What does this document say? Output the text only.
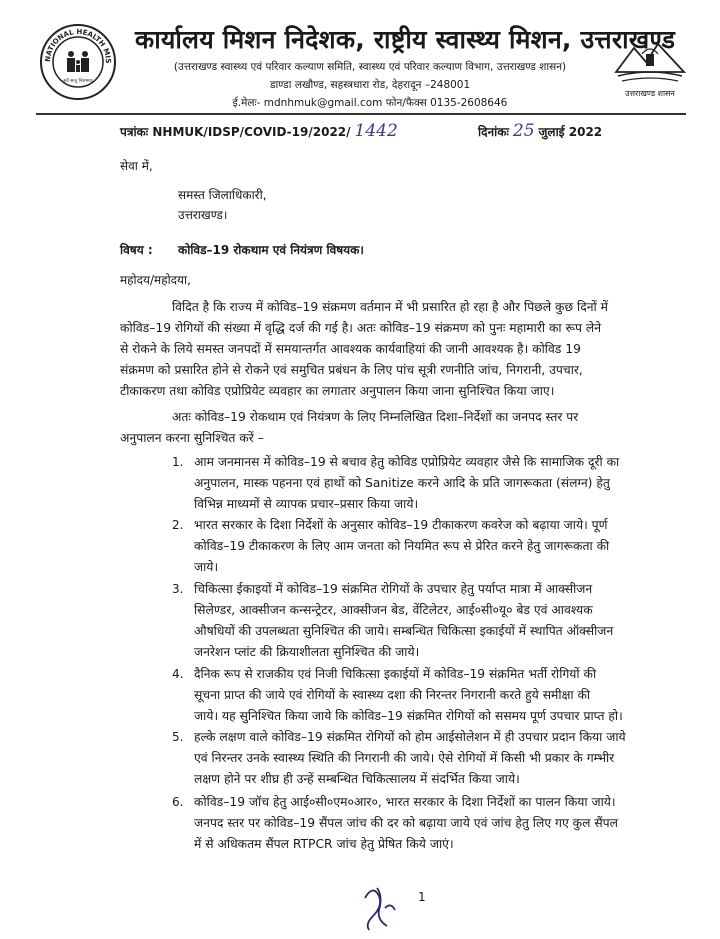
NATIONAL HEALTH MIS
सर्वे सन्तु निरामयाः
उत्तराखण्ड शासन
कार्यालय मिशन निदेशक, राष्ट्रीय स्वास्थ्य मिशन, उत्तराखण्ड
(उत्तराखण्ड स्वास्थ्य एवं परिवार कल्याण समिति, स्वास्थ्य एवं परिवार कल्याण विभाग, उत्तराखण्ड शासन)
डाण्डा लखौण्ड, सहस्त्रधारा रोड, देहरादून –248001
ई.मेलः- mdnhmuk@gmail.com फोन/फैक्स 0135-2608646
पत्रांकः NHMUK/IDSP/COVID-19/2022/ 1442	दिनांकः 25 जुलाई 2022
सेवा में,
समस्त जिलाधिकारी,
उत्तराखण्ड।
विषय : कोविड–19 रोकथाम एवं नियंत्रण विषयक।
महोदय/महोदया,
विदित है कि राज्य में कोविड–19 संक्रमण वर्तमान में भी प्रसारित हो रहा है और पिछले कुछ दिनों में
कोविड–19 रोगियों की संख्या में वृद्धि दर्ज की गई है। अतः कोविड–19 संक्रमण को पुनः महामारी का रूप लेने
से रोकने के लिये समस्त जनपदों में समयान्तर्गत आवश्यक कार्यवाहियां की जानी आवश्यक है। कोविड 19
संक्रमण को प्रसारित होने से रोकने एवं समुचित प्रबंधन के लिए पांच सूत्री रणनीति जांच, निगरानी, उपचार,
टीकाकरण तथा कोविड एप्रोप्रियेट व्यवहार का लगातार अनुपालन किया जाना सुनिश्चित किया जाए।
अतः कोविड–19 रोकथाम एवं नियंत्रण के लिए निम्नलिखित दिशा–निर्देशों का जनपद स्तर पर
अनुपालन करना सुनिश्चित करें –
1. आम जनमानस में कोविड–19 से बचाव हेतु कोविड एप्रोप्रियेट व्यवहार जैसे कि सामाजिक दूरी का
अनुपालन, मास्क पहनना एवं हाथों को Sanitize करने आदि के प्रति जागरूकता (संलग्न) हेतु
विभिन्न माध्यमों से व्यापक प्रचार–प्रसार किया जाये।
2. भारत सरकार के दिशा निर्देशों के अनुसार कोविड–19 टीकाकरण कवरेज को बढ़ाया जाये। पूर्ण
कोविड–19 टीकाकरण के लिए आम जनता को नियमित रूप से प्रेरित करने हेतु जागरूकता की
जाये।
3. चिकित्सा ईकाइयों में कोविड–19 संक्रमित रोगियों के उपचार हेतु पर्याप्त मात्रा में आक्सीजन
सिलेण्डर, आक्सीजन कन्सन्ट्रेटर, आक्सीजन बेड, वेंटिलेटर, आई०सी०यू० बेड एवं आवश्यक
औषधियों की उपलब्धता सुनिश्चित की जाये। सम्बन्धित चिकित्सा इकाईयों में स्थापित ऑक्सीजन
जनरेशन प्लांट की क्रियाशीलता सुनिश्चित की जाये।
4. दैनिक रूप से राजकीय एवं निजी चिकित्सा इकाईयों में कोविड–19 संक्रमित भर्ती रोगियों की
सूचना प्राप्त की जाये एवं रोगियों के स्वास्थ्य दशा की निरन्तर निगरानी करते हुये समीक्षा की
जाये। यह सुनिश्चित किया जाये कि कोविड–19 संक्रमित रोगियों को ससमय पूर्ण उपचार प्राप्त हो।
5. हल्के लक्षण वाले कोविड–19 संक्रमित रोगियों को होम आईसोलेशन में ही उपचार प्रदान किया जाये
एवं निरन्तर उनके स्वास्थ्य स्थिति की निगरानी की जाये। ऐसे रोगियों में किसी भी प्रकार के गम्भीर
लक्षण होने पर शीघ्र ही उन्हें सम्बन्धित चिकित्सालय में संदर्भित किया जाये।
6. कोविड–19 जॉच हेतु आई०सी०एम०आर०, भारत सरकार के दिशा निर्देशों का पालन किया जाये।
जनपद स्तर पर कोविड–19 सैंपल जांच की दर को बढ़ाया जाये एवं जांच हेतु लिए गए कुल सैंपल
में से अधिकतम सैंपल RTPCR जांच हेतु प्रेषित किये जाएं।
1
